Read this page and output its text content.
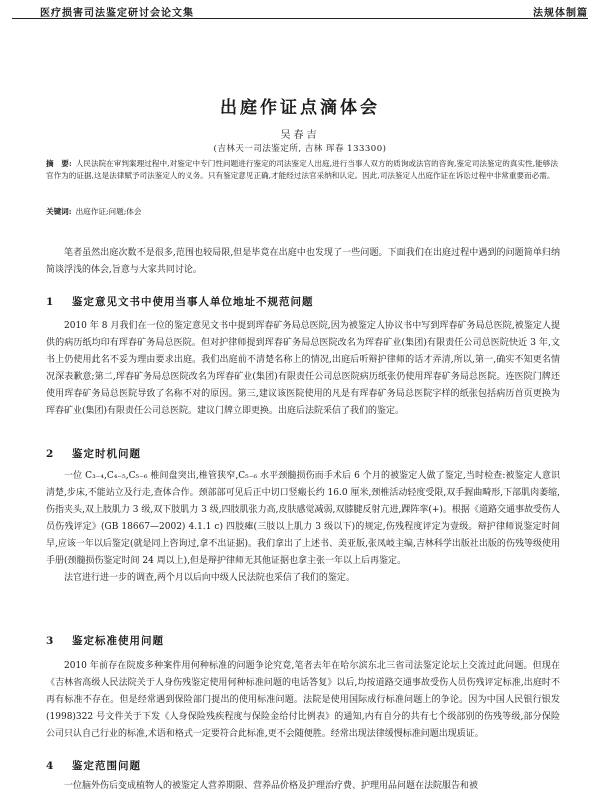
医疗损害司法鉴定研讨会论文集	法规体制篇
出庭作证点滴体会
吴春吉
(吉林天一司法鉴定所, 吉林 珲春 133300)
摘　要: 人民法院在审判案理过程中,对鉴定中专门性问题进行鉴定的司法鉴定人出庭,进行当事人双方的质询或法官的咨询,鉴定司法鉴定的真实性,能够法官作为的证据,这是法律赋予司法鉴定人的义务。只有鉴定意见正确,才能经过法官采纳和认定。因此,司法鉴定人出庭作证在诉讼过程中非常重要而必需。
关键词: 出庭作证;问题;体会

笔者虽然出庭次数不是很多,范围也较局限,但是毕竟在出庭中也发现了一些问题。下面我们在出庭过程中遇到的问题简单归纳简谈浮浅的体会,旨意与大家共同讨论。

1 鉴定意见文书中使用当事人单位地址不规范问题

2010 年 8 月我们在一位的鉴定意见文书中提到珲春矿务局总医院,因为被鉴定人协议书中写到珲春矿务局总医院,被鉴定人提供的病历纸均印有珲春矿务局总医院。但对护律师提到珲春矿务局总医院改名为珲春矿业(集团)有限责任公司总医院快近 3 年,文书上仍使用此名不妥为理由要求出庭。我们出庭前不清楚名称上的情况,出庭后听辩护律师的话才弄清,所以,第一,确实不知更名情况深表歉意;第二,珲春矿务局总医院改名为珲春矿业(集团)有限责任公司总医院病历纸张仍使用珲春矿务局总医院。连医院门牌还使用珲春矿务局总医院导致了名称不对的原因。第三,建议该医院使用的凡是有珲春矿务局总医院字样的纸张包括病历首页更换为珲春矿业(集团)有限责任公司总医院。建议门牌立即更换。出庭后法院采信了我们的鉴定。

2 鉴定时机问题

一位 C₃₋₄,C₄₋₅,C₅₋₆ 椎间盘突出,椎管狭窄,C₅₋₆ 水平颈髓损伤而手术后 6 个月的被鉴定人做了鉴定,当时检查:被鉴定人意识清楚,步床,不能站立及行走,查体合作。颈部部可见后正中切口竖瘢长约 16.0 厘米,颈椎活动轻度受限,双手握曲畸形,下部肌肉萎缩,伤指夹头,双上肢肌力 3 级,双下肢肌力 3 级,四肢肌张力高,皮肤感觉减弱,双膝腱反射亢进,踝阵挛(+)。根据《道路交通事故受伤人员伤残评定》(GB 18667—2002) 4.1.1 c) 四肢瘫(三肢以上肌力 3 级以下)的规定,伤残程度评定为壹级。辩护律师说鉴定时间早,应该一年以后鉴定(就是同上咨询过,拿不出证据)。我们拿出了上述书、美亚版,张凤岐主编,吉林科学出版社出版的伤残等级使用手册(颈髓损伤鉴定时间 24 周以上),但是辩护律师无其他证据也拿主张一年以上后再鉴定。

法官进行进一步的调查,两个月以后向中级人民法院也采信了我们的鉴定。

3 鉴定标准使用问题

2010 年前存在院废多种案件用何种标准的问题争论究竟,笔者去年在哈尔滨东北三省司法鉴定论坛上交流过此问题。但现在《吉林省高级人民法院关于人身伤残鉴定使用何种标准问题的电话答复》以后,均按道路交通事故受伤人员伤残评定标准,出庭时不再有标准不存在。但是经常遇到保险部门提出的使用标准问题。法院是使用国际成行标准问题上的争论。因为中国人民银行银发(1998)322 号文件关于下发《人身保险残疾程度与保险金给付比例表》的通知,内有自分的共有七个级部别的伤残等级,部分保险公司只认自己行业的标准,术语和格式一定要符合此标准,更不会随便胜。经常出现法律缓慢标准问题出现质证。

4 鉴定范围问题

一位脑外伤后变成植物人的被鉴定人营养期限、营养品价格及护理治疗费、护理用品问题在法院服告和被
